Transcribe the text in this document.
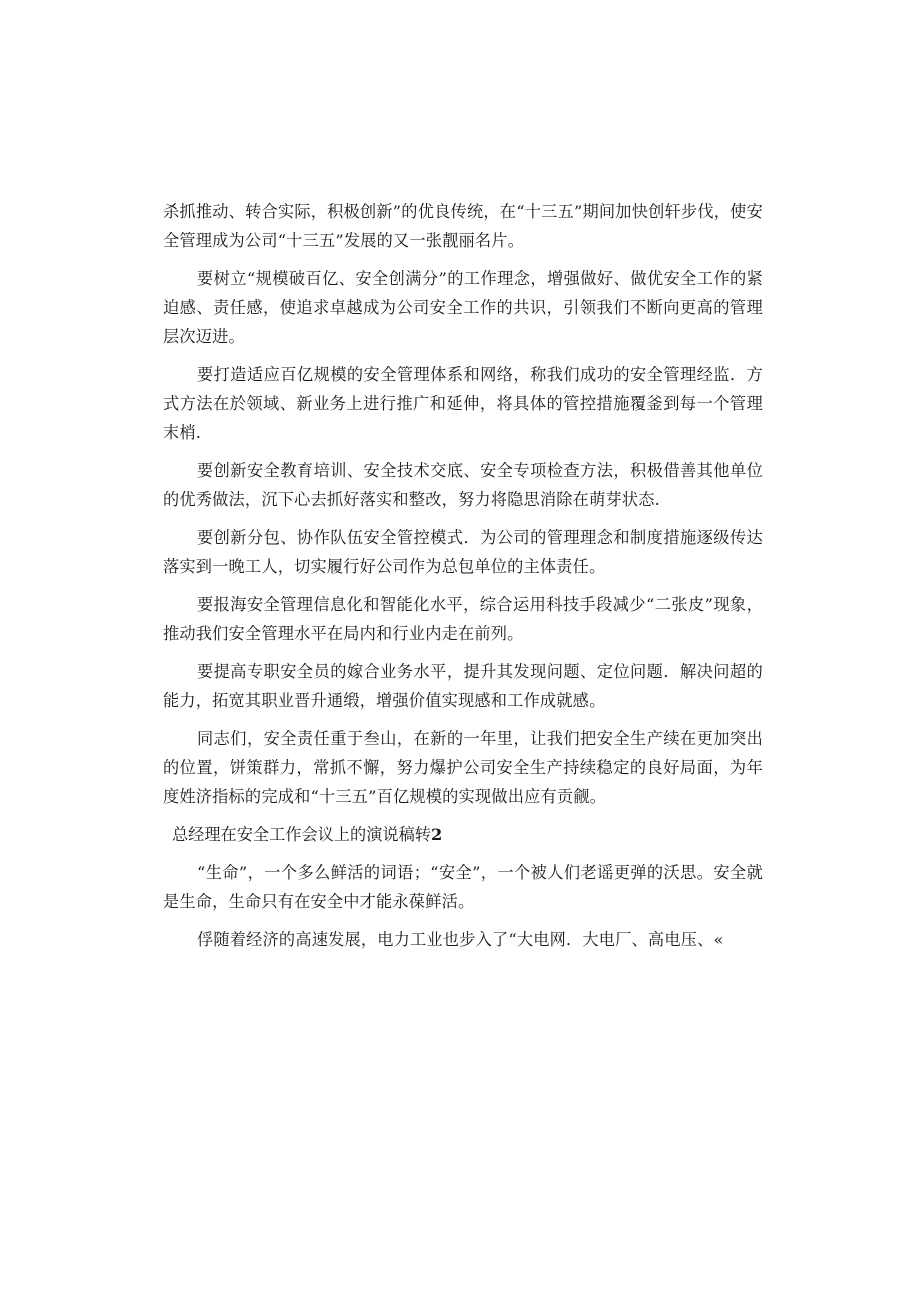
杀抓推动、转合实际，积极创新”的优良传统，在“十三五”期间加快创轩步伐，使安全管理成为公司“十三五”发展的又一张靓丽名片。

要树立“规模破百亿、安全创满分”的工作理念，增强做好、做优安全工作的紧迫感、责任感，使追求卓越成为公司安全工作的共识，引领我们不断向更高的管理层次迈进。

要打造适应百亿规模的安全管理体系和网络，称我们成功的安全管理经监．方式方法在於领域、新业务上进行推广和延伸，将具体的管控措施覆釜到每一个管理末梢.

要创新安全教育培训、安全技术交底、安全专项检查方法，积极借善其他单位的优秀做法，沉下心去抓好落实和整改，努力将隐思消除在萌芽状态.

要创新分包、协作队伍安全管控模式．为公司的管理理念和制度措施逐级传达落实到一晚工人，切实履行好公司作为总包单位的主体责任。

要报海安全管理信息化和智能化水平，综合运用科技手段减少“二张皮”现象，推动我们安全管理水平在局内和行业内走在前列。

要提高专职安全员的嫁合业务水平，提升其发现问题、定位问题．解决问超的能力，拓宽其职业晋升通缎，增强价值实现感和工作成就感。

同志们，安全责任重于叁山，在新的一年里，让我们把安全生产续在更加突出的位置，饼策群力，常抓不懈，努力爆护公司安全生产持续稳定的良好局面，为年度姓济指标的完成和“十三五”百亿规模的实现做出应有贡觎。

总经理在安全工作会议上的演说稿转2

“生命”，一个多么鲜活的词语；“安全”，一个被人们老谣更弹的沃思。安全就是生命，生命只有在安全中才能永葆鲜活。

俘随着经济的高速发展，电力工业也步入了“大电网．大电厂、高电压、«
